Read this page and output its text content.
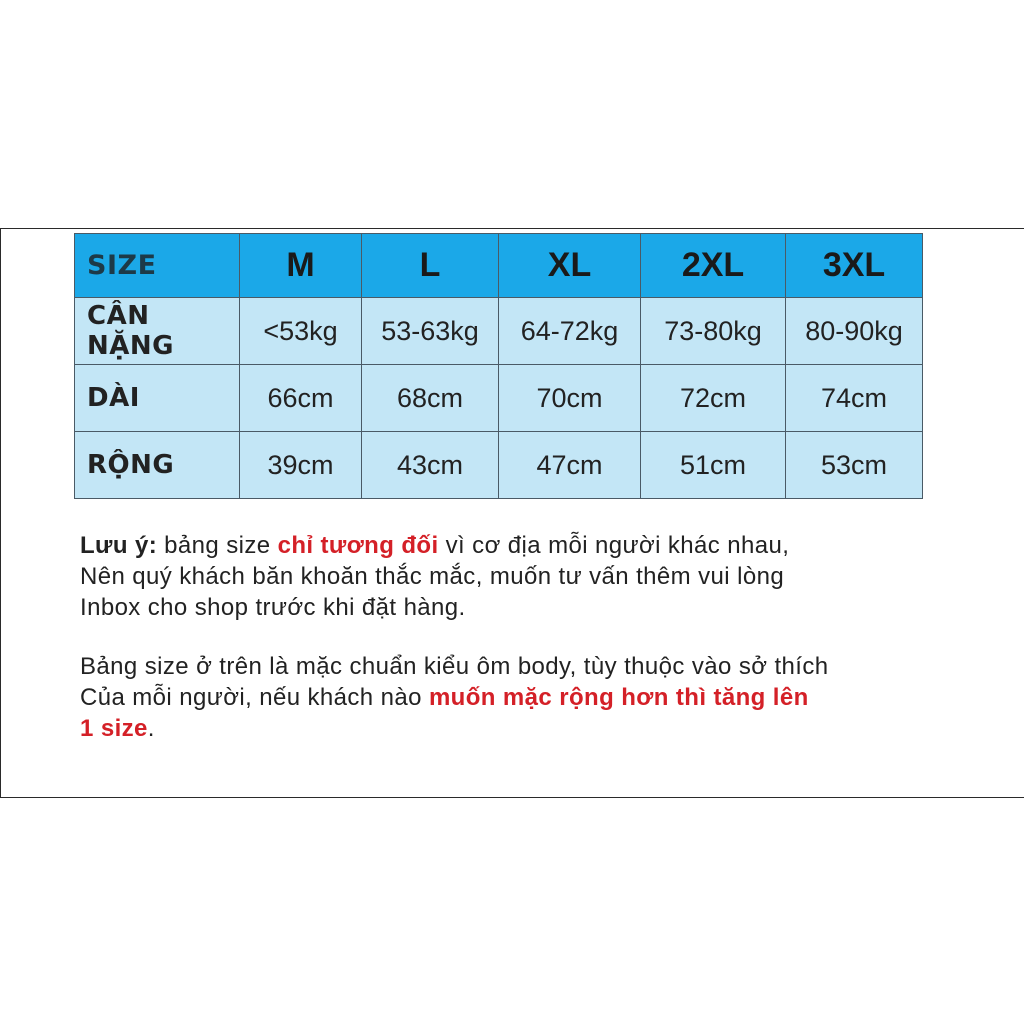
SIZE	M	L	XL	2XL	3XL
CÂN NẶNG	<53kg	53-63kg	64-72kg	73-80kg	80-90kg
DÀI	66cm	68cm	70cm	72cm	74cm
RỘNG	39cm	43cm	47cm	51cm	53cm
Lưu ý: bảng size chỉ tương đối vì cơ địa mỗi người khác nhau,
Nên quý khách băn khoăn thắc mắc, muốn tư vấn thêm vui lòng
Inbox cho shop trước khi đặt hàng.
Bảng size ở trên là mặc chuẩn kiểu ôm body, tùy thuộc vào sở thích
Của mỗi người, nếu khách nào muốn mặc rộng hơn thì tăng lên
1 size.
